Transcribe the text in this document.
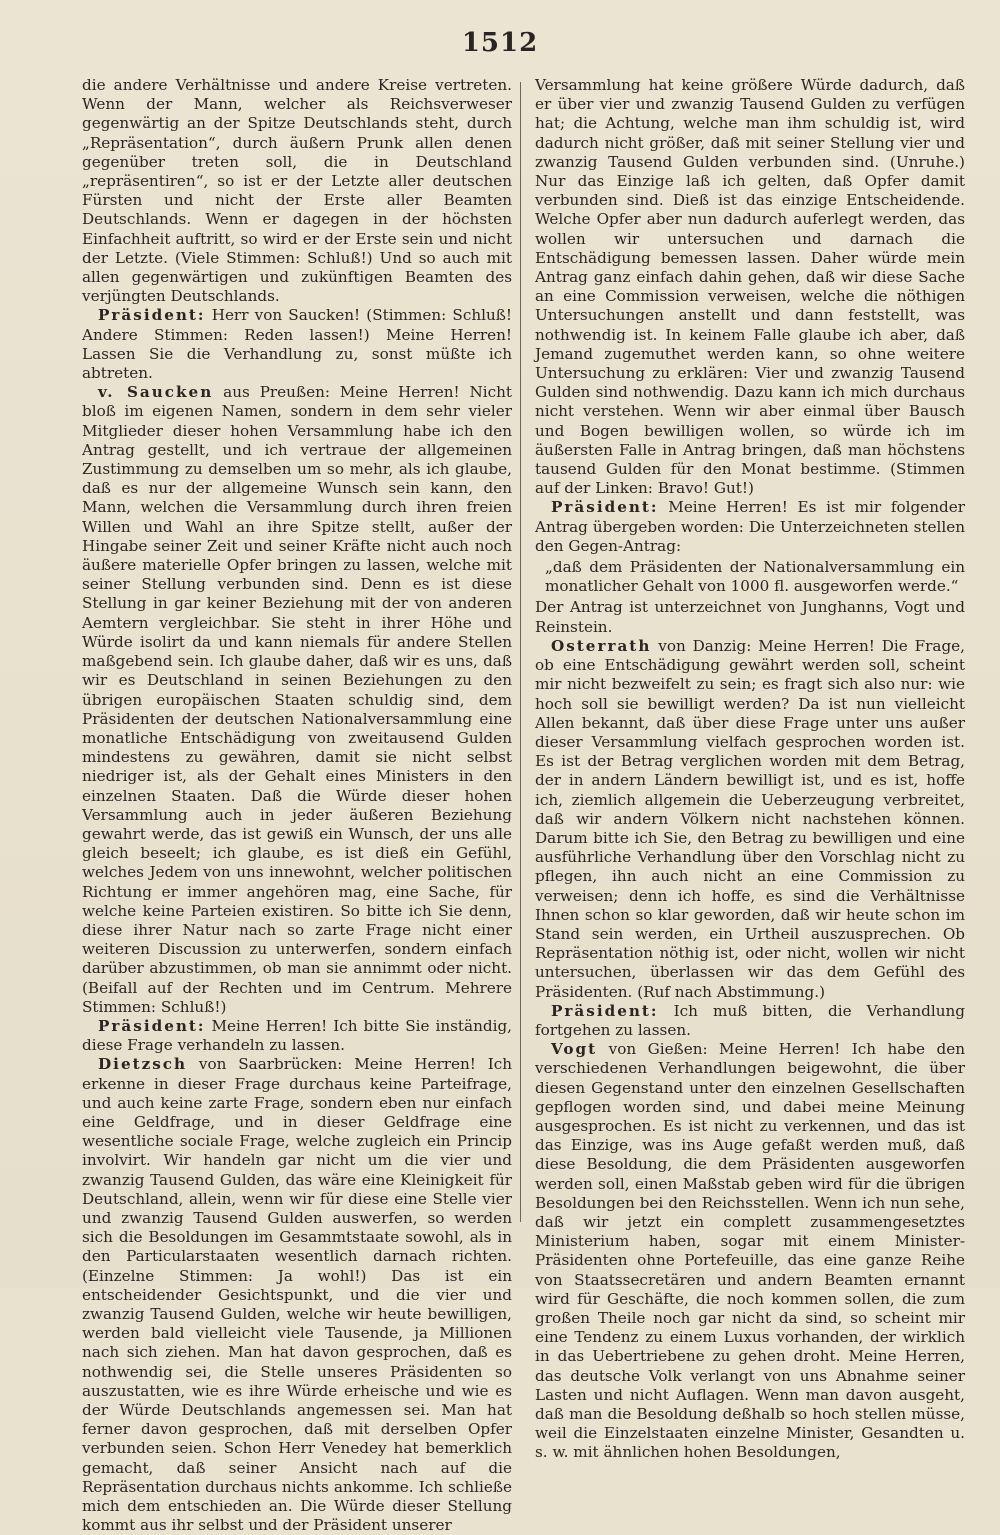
1512

die andere Verhältnisse und andere Kreise vertreten. Wenn der Mann, welcher als Reichsverweser gegenwärtig an der Spitze Deutschlands steht, durch „Repräsentation“, durch äußern Prunk allen denen gegenüber treten soll, die in Deutschland „repräsentiren“, so ist er der Letzte aller deutschen Fürsten und nicht der Erste aller Beamten Deutschlands. Wenn er dagegen in der höchsten Einfachheit auftritt, so wird er der Erste sein und nicht der Letzte. (Viele Stimmen: Schluß!) Und so auch mit allen gegenwärtigen und zukünftigen Beamten des verjüngten Deutschlands.

Präsident: Herr von Saucken! (Stimmen: Schluß! Andere Stimmen: Reden lassen!) Meine Herren! Lassen Sie die Verhandlung zu, sonst müßte ich abtreten.

v. Saucken aus Preußen: Meine Herren! Nicht bloß im eigenen Namen, sondern in dem sehr vieler Mitglieder dieser hohen Versammlung habe ich den Antrag gestellt, und ich vertraue der allgemeinen Zustimmung zu demselben um so mehr, als ich glaube, daß es nur der allgemeine Wunsch sein kann, den Mann, welchen die Versammlung durch ihren freien Willen und Wahl an ihre Spitze stellt, außer der Hingabe seiner Zeit und seiner Kräfte nicht auch noch äußere materielle Opfer bringen zu lassen, welche mit seiner Stellung verbunden sind. Denn es ist diese Stellung in gar keiner Beziehung mit der von anderen Aemtern vergleichbar. Sie steht in ihrer Höhe und Würde isolirt da und kann niemals für andere Stellen maßgebend sein. Ich glaube daher, daß wir es uns, daß wir es Deutschland in seinen Beziehungen zu den übrigen europäischen Staaten schuldig sind, dem Präsidenten der deutschen Nationalversammlung eine monatliche Entschädigung von zweitausend Gulden mindestens zu gewähren, damit sie nicht selbst niedriger ist, als der Gehalt eines Ministers in den einzelnen Staaten. Daß die Würde dieser hohen Versammlung auch in jeder äußeren Beziehung gewahrt werde, das ist gewiß ein Wunsch, der uns alle gleich beseelt; ich glaube, es ist dieß ein Gefühl, welches Jedem von uns innewohnt, welcher politischen Richtung er immer angehören mag, eine Sache, für welche keine Parteien existiren. So bitte ich Sie denn, diese ihrer Natur nach so zarte Frage nicht einer weiteren Discussion zu unterwerfen, sondern einfach darüber abzustimmen, ob man sie annimmt oder nicht. (Beifall auf der Rechten und im Centrum. Mehrere Stimmen: Schluß!)

Präsident: Meine Herren! Ich bitte Sie inständig, diese Frage verhandeln zu lassen.

Dietzsch von Saarbrücken: Meine Herren! Ich erkenne in dieser Frage durchaus keine Parteifrage, und auch keine zarte Frage, sondern eben nur einfach eine Geldfrage, und in dieser Geldfrage eine wesentliche sociale Frage, welche zugleich ein Princip involvirt. Wir handeln gar nicht um die vier und zwanzig Tausend Gulden, das wäre eine Kleinigkeit für Deutschland, allein, wenn wir für diese eine Stelle vier und zwanzig Tausend Gulden auswerfen, so werden sich die Besoldungen im Gesammtstaate sowohl, als in den Particularstaaten wesentlich darnach richten. (Einzelne Stimmen: Ja wohl!) Das ist ein entscheidender Gesichtspunkt, und die vier und zwanzig Tausend Gulden, welche wir heute bewilligen, werden bald vielleicht viele Tausende, ja Millionen nach sich ziehen. Man hat davon gesprochen, daß es nothwendig sei, die Stelle unseres Präsidenten so auszustatten, wie es ihre Würde erheische und wie es der Würde Deutschlands angemessen sei. Man hat ferner davon gesprochen, daß mit derselben Opfer verbunden seien. Schon Herr Venedey hat bemerklich gemacht, daß seiner Ansicht nach auf die Repräsentation durchaus nichts ankomme. Ich schließe mich dem entschieden an. Die Würde dieser Stellung kommt aus ihr selbst und der Präsident unserer

Versammlung hat keine größere Würde dadurch, daß er über vier und zwanzig Tausend Gulden zu verfügen hat; die Achtung, welche man ihm schuldig ist, wird dadurch nicht größer, daß mit seiner Stellung vier und zwanzig Tausend Gulden verbunden sind. (Unruhe.) Nur das Einzige laß ich gelten, daß Opfer damit verbunden sind. Dieß ist das einzige Entscheidende. Welche Opfer aber nun dadurch auferlegt werden, das wollen wir untersuchen und darnach die Entschädigung bemessen lassen. Daher würde mein Antrag ganz einfach dahin gehen, daß wir diese Sache an eine Commission verweisen, welche die nöthigen Untersuchungen anstellt und dann feststellt, was nothwendig ist. In keinem Falle glaube ich aber, daß Jemand zugemuthet werden kann, so ohne weitere Untersuchung zu erklären: Vier und zwanzig Tausend Gulden sind nothwendig. Dazu kann ich mich durchaus nicht verstehen. Wenn wir aber einmal über Bausch und Bogen bewilligen wollen, so würde ich im äußersten Falle in Antrag bringen, daß man höchstens tausend Gulden für den Monat bestimme. (Stimmen auf der Linken: Bravo! Gut!)

Präsident: Meine Herren! Es ist mir folgender Antrag übergeben worden: Die Unterzeichneten stellen den Gegen-Antrag:

„daß dem Präsidenten der Nationalversammlung ein monatlicher Gehalt von 1000 fl. ausgeworfen werde.“

Der Antrag ist unterzeichnet von Junghanns, Vogt und Reinstein.

Osterrath von Danzig: Meine Herren! Die Frage, ob eine Entschädigung gewährt werden soll, scheint mir nicht bezweifelt zu sein; es fragt sich also nur: wie hoch soll sie bewilligt werden? Da ist nun vielleicht Allen bekannt, daß über diese Frage unter uns außer dieser Versammlung vielfach gesprochen worden ist. Es ist der Betrag verglichen worden mit dem Betrag, der in andern Ländern bewilligt ist, und es ist, hoffe ich, ziemlich allgemein die Ueberzeugung verbreitet, daß wir andern Völkern nicht nachstehen können. Darum bitte ich Sie, den Betrag zu bewilligen und eine ausführliche Verhandlung über den Vorschlag nicht zu pflegen, ihn auch nicht an eine Commission zu verweisen; denn ich hoffe, es sind die Verhältnisse Ihnen schon so klar geworden, daß wir heute schon im Stand sein werden, ein Urtheil auszusprechen. Ob Repräsentation nöthig ist, oder nicht, wollen wir nicht untersuchen, überlassen wir das dem Gefühl des Präsidenten. (Ruf nach Abstimmung.)

Präsident: Ich muß bitten, die Verhandlung fortgehen zu lassen.

Vogt von Gießen: Meine Herren! Ich habe den verschiedenen Verhandlungen beigewohnt, die über diesen Gegenstand unter den einzelnen Gesellschaften gepflogen worden sind, und dabei meine Meinung ausgesprochen. Es ist nicht zu verkennen, und das ist das Einzige, was ins Auge gefaßt werden muß, daß diese Besoldung, die dem Präsidenten ausgeworfen werden soll, einen Maßstab geben wird für die übrigen Besoldungen bei den Reichsstellen. Wenn ich nun sehe, daß wir jetzt ein complett zusammengesetztes Ministerium haben, sogar mit einem Minister-Präsidenten ohne Portefeuille, das eine ganze Reihe von Staatssecretären und andern Beamten ernannt wird für Geschäfte, die noch kommen sollen, die zum großen Theile noch gar nicht da sind, so scheint mir eine Tendenz zu einem Luxus vorhanden, der wirklich in das Uebertriebene zu gehen droht. Meine Herren, das deutsche Volk verlangt von uns Abnahme seiner Lasten und nicht Auflagen. Wenn man davon ausgeht, daß man die Besoldung deßhalb so hoch stellen müsse, weil die Einzelstaaten einzelne Minister, Gesandten u. s. w. mit ähnlichen hohen Besoldungen,
